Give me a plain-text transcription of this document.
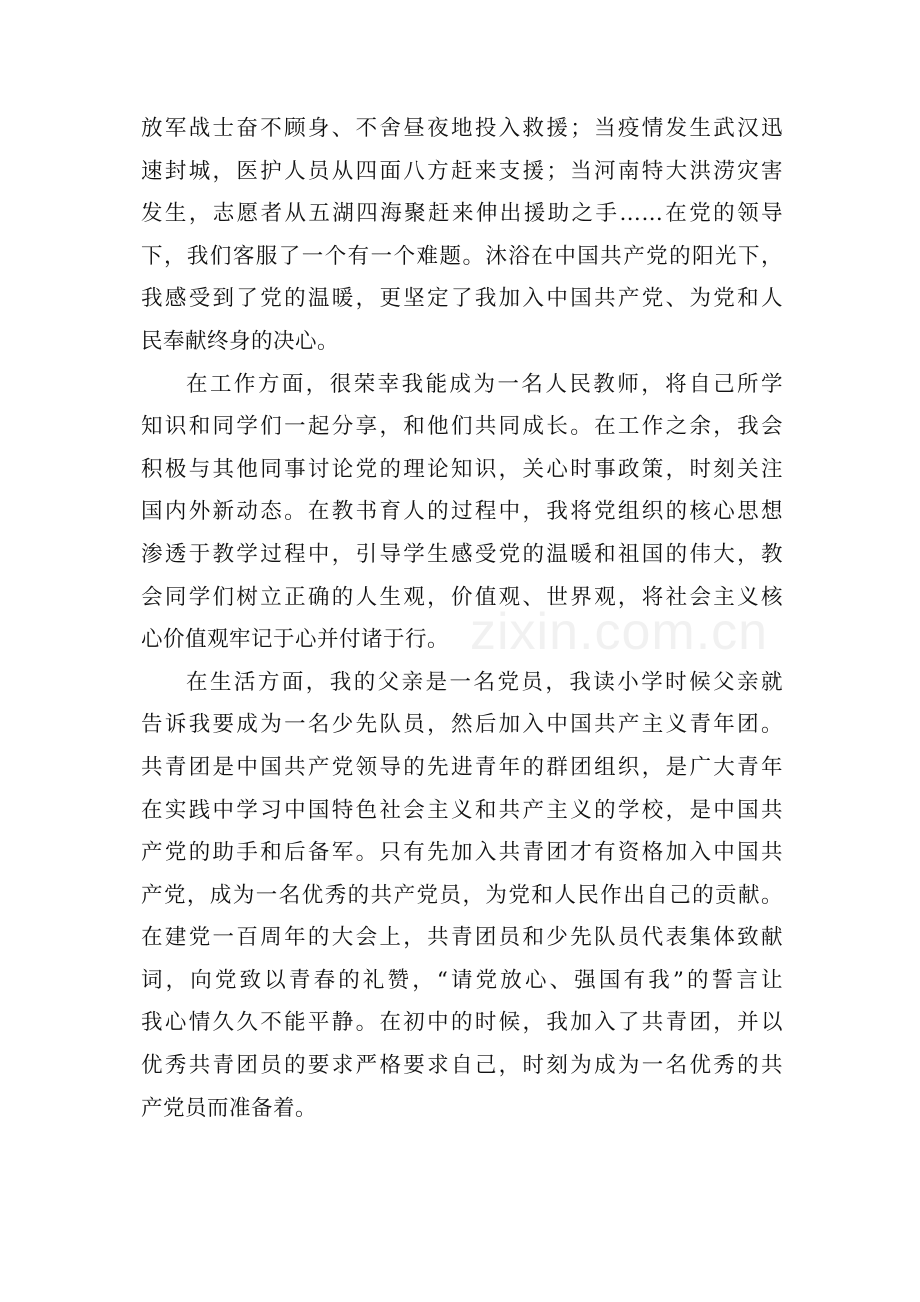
放军战士奋不顾身、不舍昼夜地投入救援；当疫情发生武汉迅
速封城，医护人员从四面八方赶来支援；当河南特大洪涝灾害
发生，志愿者从五湖四海聚赶来伸出援助之手……在党的领导
下，我们客服了一个有一个难题。沐浴在中国共产党的阳光下，
我感受到了党的温暖，更坚定了我加入中国共产党、为党和人
民奉献终身的决心。
在工作方面，很荣幸我能成为一名人民教师，将自己所学
知识和同学们一起分享，和他们共同成长。在工作之余，我会
积极与其他同事讨论党的理论知识，关心时事政策，时刻关注
国内外新动态。在教书育人的过程中，我将党组织的核心思想
渗透于教学过程中，引导学生感受党的温暖和祖国的伟大，教
会同学们树立正确的人生观，价值观、世界观，将社会主义核
心价值观牢记于心并付诸于行。
在生活方面，我的父亲是一名党员，我读小学时候父亲就
告诉我要成为一名少先队员，然后加入中国共产主义青年团。
共青团是中国共产党领导的先进青年的群团组织，是广大青年
在实践中学习中国特色社会主义和共产主义的学校，是中国共
产党的助手和后备军。只有先加入共青团才有资格加入中国共
产党，成为一名优秀的共产党员，为党和人民作出自己的贡献。
在建党一百周年的大会上，共青团员和少先队员代表集体致献
词，向党致以青春的礼赞，“请党放心、强国有我”的誓言让
我心情久久不能平静。在初中的时候，我加入了共青团，并以
优秀共青团员的要求严格要求自己，时刻为成为一名优秀的共
产党员而准备着。
zixin.com.cn
